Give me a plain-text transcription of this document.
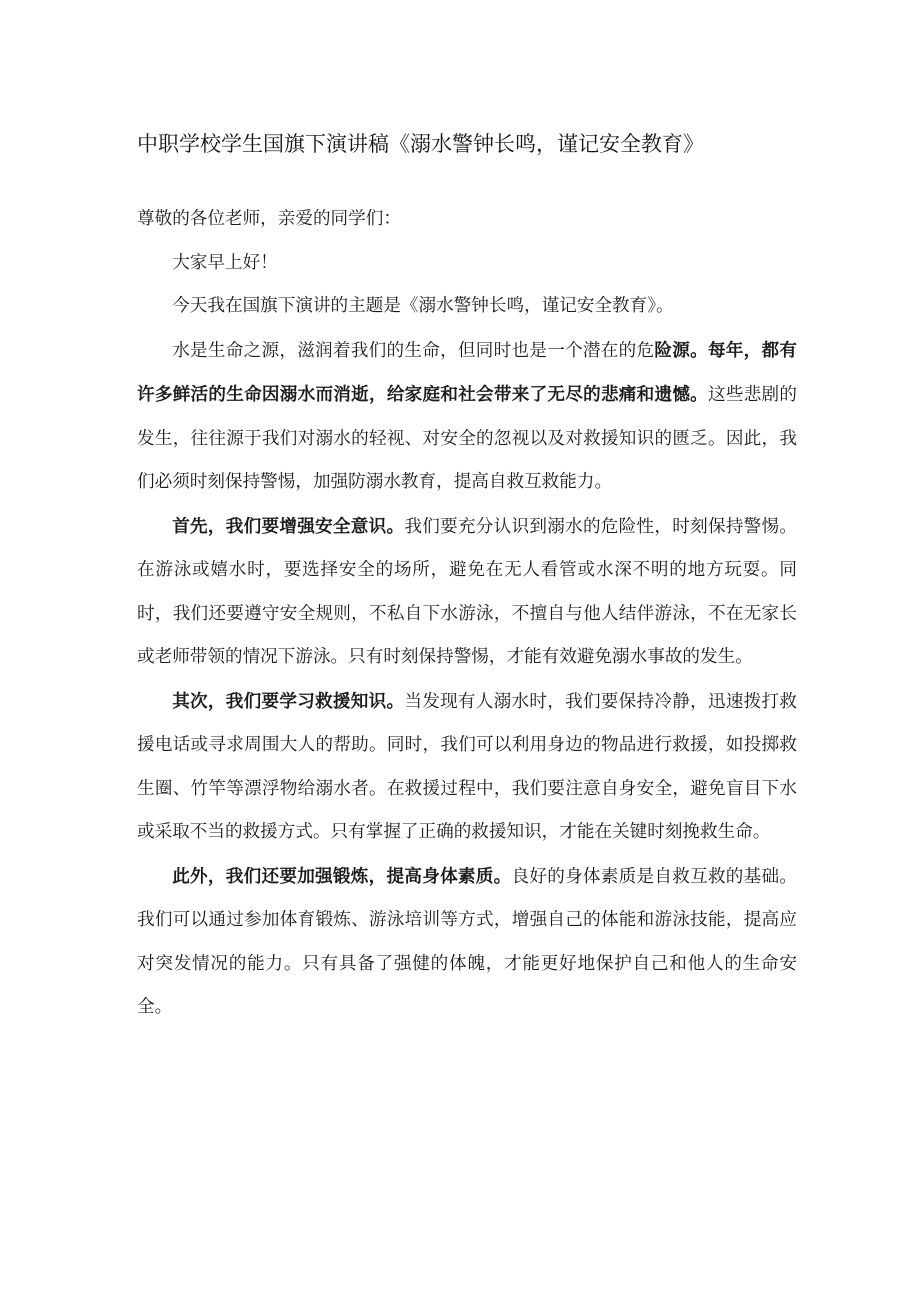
中职学校学生国旗下演讲稿《溺水警钟长鸣，谨记安全教育》

尊敬的各位老师，亲爱的同学们：

大家早上好！

今天我在国旗下演讲的主题是《溺水警钟长鸣，谨记安全教育》。

水是生命之源，滋润着我们的生命，但同时也是一个潜在的危险源。每年，都有许多鲜活的生命因溺水而消逝，给家庭和社会带来了无尽的悲痛和遗憾。这些悲剧的发生，往往源于我们对溺水的轻视、对安全的忽视以及对救援知识的匮乏。因此，我们必须时刻保持警惕，加强防溺水教育，提高自救互救能力。

首先，我们要增强安全意识。我们要充分认识到溺水的危险性，时刻保持警惕。在游泳或嬉水时，要选择安全的场所，避免在无人看管或水深不明的地方玩耍。同时，我们还要遵守安全规则，不私自下水游泳，不擅自与他人结伴游泳，不在无家长或老师带领的情况下游泳。只有时刻保持警惕，才能有效避免溺水事故的发生。

其次，我们要学习救援知识。当发现有人溺水时，我们要保持冷静，迅速拨打救援电话或寻求周围大人的帮助。同时，我们可以利用身边的物品进行救援，如投掷救生圈、竹竿等漂浮物给溺水者。在救援过程中，我们要注意自身安全，避免盲目下水或采取不当的救援方式。只有掌握了正确的救援知识，才能在关键时刻挽救生命。

此外，我们还要加强锻炼，提高身体素质。良好的身体素质是自救互救的基础。我们可以通过参加体育锻炼、游泳培训等方式，增强自己的体能和游泳技能，提高应对突发情况的能力。只有具备了强健的体魄，才能更好地保护自己和他人的生命安全。
